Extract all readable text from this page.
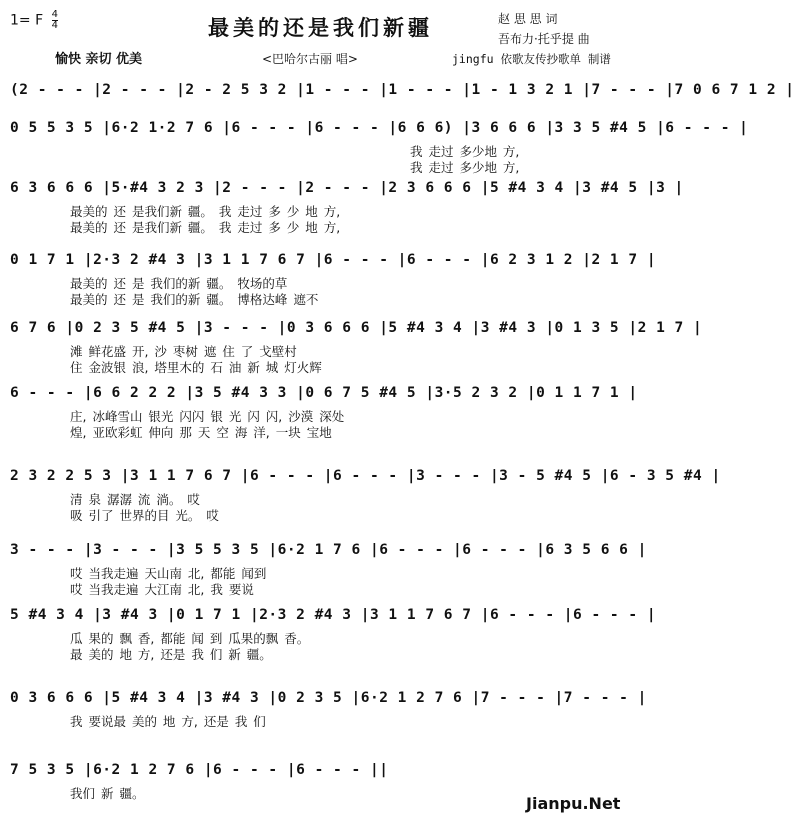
1= F $\frac{4}{4}$	最美的还是我们新疆	赵 思 思 词
吾布力·托乎提 曲
愉快 亲切 优美	<巴哈尔古丽 唱>	jingfu 依歌友传抄歌单 制谱
(2 - - - |2 - - - |2 - 2 5 3 2 |1 - - - |1 - - - |1 - 1 3 2 1 |7 - - - |7 0 6 7 1 2 |
0 5 5 3 5 |6·2 1·2 7 6 |6 - - - |6 - - - |6 6 6) |3 6 6 6 |3 3 5 #4 5 |6 - - - |
我 走过 多少地 方,
我 走过 多少地 方,
6 3 6 6 6 |5·#4 3 2 3 |2 - - - |2 - - - |2 3 6 6 6 |5 #4 3 4 |3 #4 5 |3 |
最美的 还 是我们新 疆。 我 走过 多 少 地 方,
最美的 还 是我们新 疆。 我 走过 多 少 地 方,
0 1 7 1 |2·3 2 #4 3 |3 1 1 7 6 7 |6 - - - |6 - - - |6 2 3 1 2 |2 1 7 |
最美的 还 是 我们的新 疆。 牧场的草
最美的 还 是 我们的新 疆。 博格达峰 遮不
6 7 6 |0 2 3 5 #4 5 |3 - - - |0 3 6 6 6 |5 #4 3 4 |3 #4 3 |0 1 3 5 |2 1 7 |
滩 鲜花盛 开, 沙 枣树 遮 住 了 戈壁村
住 金波银 浪, 塔里木的 石 油 新 城 灯火辉
6 - - - |6 6 2 2 2 |3 5 #4 3 3 |0 6 7 5 #4 5 |3·5 2 3 2 |0 1 1 7 1 |
庄, 冰峰雪山 银光 闪闪 银 光 闪 闪, 沙漠 深处
煌, 亚欧彩虹 伸向 那 天 空 海 洋, 一块 宝地
2 3 2 2 5 3 |3 1 1 7 6 7 |6 - - - |6 - - - |3 - - - |3 - 5 #4 5 |6 - 3 5 #4 |
清 泉 潺潺 流 淌。 哎
吸 引了 世界的目 光。 哎
3 - - - |3 - - - |3 5 5 3 5 |6·2 1 7 6 |6 - - - |6 - - - |6 3 5 6 6 |
哎 当我走遍 天山南 北, 都能 闻到
哎 当我走遍 大江南 北, 我 要说
5 #4 3 4 |3 #4 3 |0 1 7 1 |2·3 2 #4 3 |3 1 1 7 6 7 |6 - - - |6 - - - |
瓜 果的 飘 香, 都能 闻 到 瓜果的飘 香。
最 美的 地 方, 还是 我 们 新 疆。
0 3 6 6 6 |5 #4 3 4 |3 #4 3 |0 2 3 5 |6·2 1 2 7 6 |7 - - - |7 - - - |
我 要说最 美的 地 方, 还是 我 们
7 5 3 5 |6·2 1 2 7 6 |6 - - - |6 - - - ||
我们 新 疆。
Jianpu.Net
